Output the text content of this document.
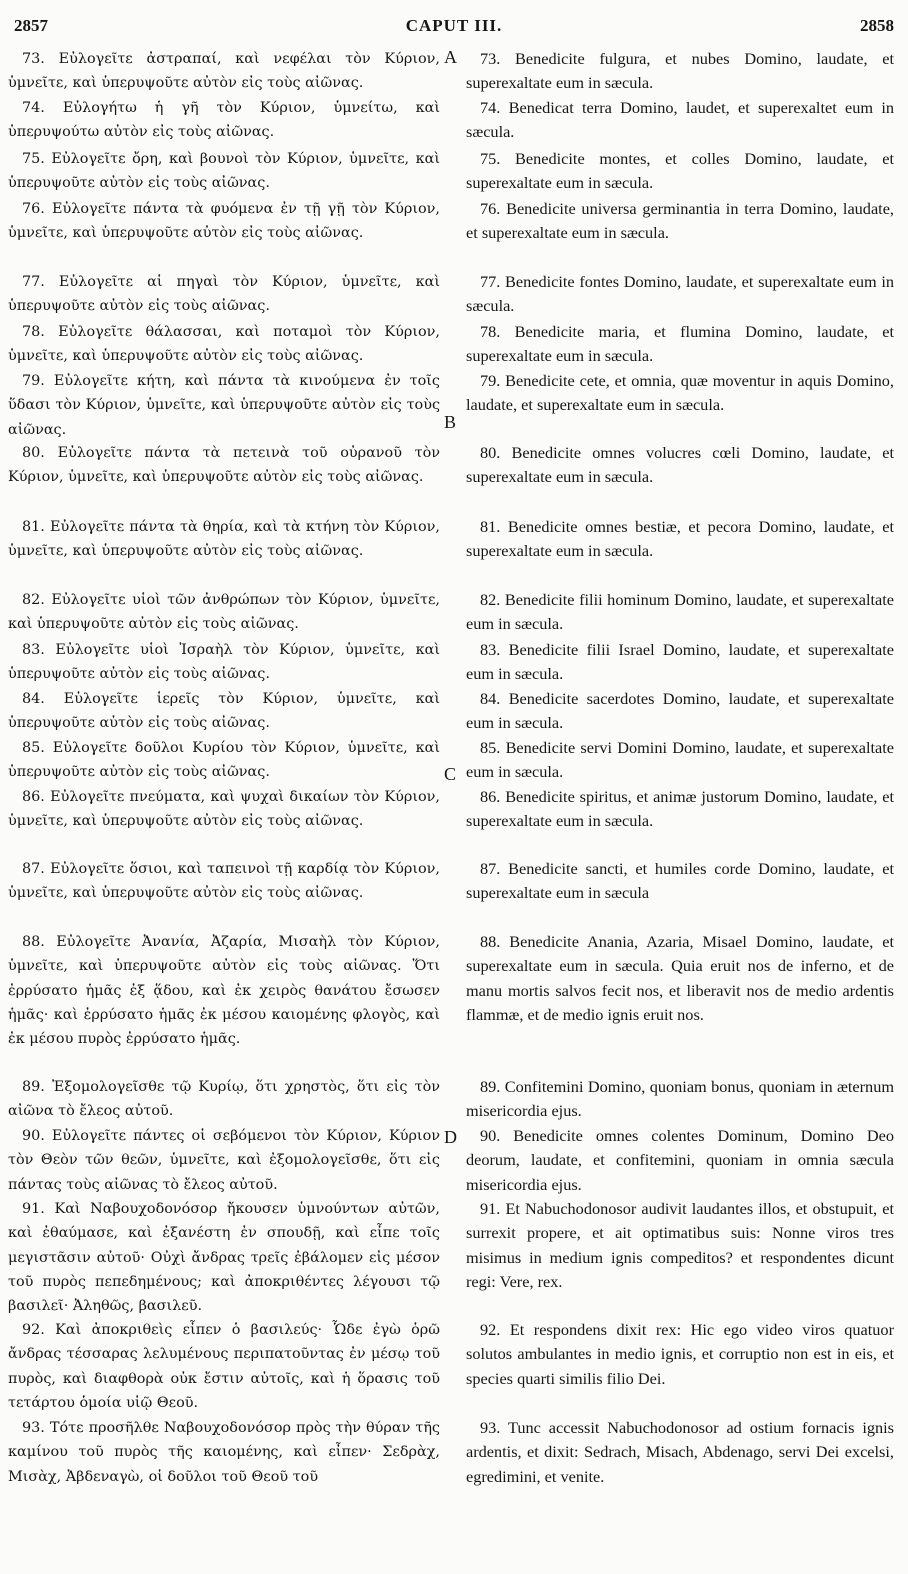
CAPUT III.
2857	2858
A
B
C
D

73. Εὐλογεῖτε ἀστραπαί, καὶ νεφέλαι τὸν Κύριον, ὑμνεῖτε, καὶ ὑπερυψοῦτε αὐτὸν εἰς τοὺς αἰῶνας.

74. Εὐλογήτω ἡ γῆ τὸν Κύριον, ὑμνείτω, καὶ ὑπερυψούτω αὐτὸν εἰς τοὺς αἰῶνας.

75. Εὐλογεῖτε ὄρη, καὶ βουνοὶ τὸν Κύριον, ὑμνεῖτε, καὶ ὑπερυψοῦτε αὐτὸν εἰς τοὺς αἰῶνας.

76. Εὐλογεῖτε πάντα τὰ φυόμενα ἐν τῇ γῇ τὸν Κύριον, ὑμνεῖτε, καὶ ὑπερυψοῦτε αὐτὸν εἰς τοὺς αἰῶνας.

77. Εὐλογεῖτε αἱ πηγαὶ τὸν Κύριον, ὑμνεῖτε, καὶ ὑπερυψοῦτε αὐτὸν εἰς τοὺς αἰῶνας.

78. Εὐλογεῖτε θάλασσαι, καὶ ποταμοὶ τὸν Κύριον, ὑμνεῖτε, καὶ ὑπερυψοῦτε αὐτὸν εἰς τοὺς αἰῶνας.

79. Εὐλογεῖτε κήτη, καὶ πάντα τὰ κινούμενα ἐν τοῖς ὕδασι τὸν Κύριον, ὑμνεῖτε, καὶ ὑπερυψοῦτε αὐτὸν εἰς τοὺς αἰῶνας.

80. Εὐλογεῖτε πάντα τὰ πετεινὰ τοῦ οὐρανοῦ τὸν Κύριον, ὑμνεῖτε, καὶ ὑπερυψοῦτε αὐτὸν εἰς τοὺς αἰῶνας.

81. Εὐλογεῖτε πάντα τὰ θηρία, καὶ τὰ κτήνη τὸν Κύριον, ὑμνεῖτε, καὶ ὑπερυψοῦτε αὐτὸν εἰς τοὺς αἰῶνας.

82. Εὐλογεῖτε υἱοὶ τῶν ἀνθρώπων τὸν Κύριον, ὑμνεῖτε, καὶ ὑπερυψοῦτε αὐτὸν εἰς τοὺς αἰῶνας.

83. Εὐλογεῖτε υἱοὶ Ἰσραὴλ τὸν Κύριον, ὑμνεῖτε, καὶ ὑπερυψοῦτε αὐτὸν εἰς τοὺς αἰῶνας.

84. Εὐλογεῖτε ἱερεῖς τὸν Κύριον, ὑμνεῖτε, καὶ ὑπερυψοῦτε αὐτὸν εἰς τοὺς αἰῶνας.

85. Εὐλογεῖτε δοῦλοι Κυρίου τὸν Κύριον, ὑμνεῖτε, καὶ ὑπερυψοῦτε αὐτὸν εἰς τοὺς αἰῶνας.

86. Εὐλογεῖτε πνεύματα, καὶ ψυχαὶ δικαίων τὸν Κύριον, ὑμνεῖτε, καὶ ὑπερυψοῦτε αὐτὸν εἰς τοὺς αἰῶνας.

87. Εὐλογεῖτε ὅσιοι, καὶ ταπεινοὶ τῇ καρδίᾳ τὸν Κύριον, ὑμνεῖτε, καὶ ὑπερυψοῦτε αὐτὸν εἰς τοὺς αἰῶνας.

88. Εὐλογεῖτε Ἀνανία, Ἀζαρία, Μισαὴλ τὸν Κύριον, ὑμνεῖτε, καὶ ὑπερυψοῦτε αὐτὸν εἰς τοὺς αἰῶνας. Ὅτι ἐρρύσατο ἡμᾶς ἐξ ᾅδου, καὶ ἐκ χειρὸς θανάτου ἔσωσεν ἡμᾶς· καὶ ἐρρύσατο ἡμᾶς ἐκ μέσου καιομένης φλογὸς, καὶ ἐκ μέσου πυρὸς ἐρρύσατο ἡμᾶς.

89. Ἐξομολογεῖσθε τῷ Κυρίῳ, ὅτι χρηστὸς, ὅτι εἰς τὸν αἰῶνα τὸ ἔλεος αὐτοῦ.

90. Εὐλογεῖτε πάντες οἱ σεβόμενοι τὸν Κύριον, Κύριον τὸν Θεὸν τῶν θεῶν, ὑμνεῖτε, καὶ ἐξομολογεῖσθε, ὅτι εἰς πάντας τοὺς αἰῶνας τὸ ἔλεος αὐτοῦ.

91. Καὶ Ναβουχοδονόσορ ἤκουσεν ὑμνούντων αὐτῶν, καὶ ἐθαύμασε, καὶ ἐξανέστη ἐν σπουδῇ, καὶ εἶπε τοῖς μεγιστᾶσιν αὐτοῦ· Οὐχὶ ἄνδρας τρεῖς ἐβάλομεν εἰς μέσον τοῦ πυρὸς πεπεδημένους; καὶ ἀποκριθέντες λέγουσι τῷ βασιλεῖ· Ἀληθῶς, βασιλεῦ.

92. Καὶ ἀποκριθεὶς εἶπεν ὁ βασιλεύς· Ὧδε ἐγὼ ὁρῶ ἄνδρας τέσσαρας λελυμένους περιπατοῦντας ἐν μέσῳ τοῦ πυρὸς, καὶ διαφθορὰ οὐκ ἔστιν αὐτοῖς, καὶ ἡ ὅρασις τοῦ τετάρτου ὁμοία υἱῷ Θεοῦ.

93. Τότε προσῆλθε Ναβουχοδονόσορ πρὸς τὴν θύραν τῆς καμίνου τοῦ πυρὸς τῆς καιομένης, καὶ εἶπεν· Σεδρὰχ, Μισὰχ, Ἀβδεναγὼ, οἱ δοῦλοι τοῦ Θεοῦ τοῦ

73. Benedicite fulgura, et nubes Domino, laudate, et superexaltate eum in sæcula.

74. Benedicat terra Domino, laudet, et superexaltet eum in sæcula.

75. Benedicite montes, et colles Domino, laudate, et superexaltate eum in sæcula.

76. Benedicite universa germinantia in terra Domino, laudate, et superexaltate eum in sæcula.

77. Benedicite fontes Domino, laudate, et superexaltate eum in sæcula.

78. Benedicite maria, et flumina Domino, laudate, et superexaltate eum in sæcula.

79. Benedicite cete, et omnia, quæ moventur in aquis Domino, laudate, et superexaltate eum in sæcula.

80. Benedicite omnes volucres cœli Domino, laudate, et superexaltate eum in sæcula.

81. Benedicite omnes bestiæ, et pecora Domino, laudate, et superexaltate eum in sæcula.

82. Benedicite filii hominum Domino, laudate, et superexaltate eum in sæcula.

83. Benedicite filii Israel Domino, laudate, et superexaltate eum in sæcula.

84. Benedicite sacerdotes Domino, laudate, et superexaltate eum in sæcula.

85. Benedicite servi Domini Domino, laudate, et superexaltate eum in sæcula.

86. Benedicite spiritus, et animæ justorum Domino, laudate, et superexaltate eum in sæcula.

87. Benedicite sancti, et humiles corde Domino, laudate, et superexaltate eum in sæcula

88. Benedicite Anania, Azaria, Misael Domino, laudate, et superexaltate eum in sæcula. Quia eruit nos de inferno, et de manu mortis salvos fecit nos, et liberavit nos de medio ardentis flammæ, et de medio ignis eruit nos.

89. Confitemini Domino, quoniam bonus, quoniam in æternum misericordia ejus.

90. Benedicite omnes colentes Dominum, Domino Deo deorum, laudate, et confitemini, quoniam in omnia sæcula misericordia ejus.

91. Et Nabuchodonosor audivit laudantes illos, et obstupuit, et surrexit propere, et ait optimatibus suis: Nonne viros tres misimus in medium ignis compeditos? et respondentes dicunt regi: Vere, rex.

92. Et respondens dixit rex: Hic ego video viros quatuor solutos ambulantes in medio ignis, et corruptio non est in eis, et species quarti similis filio Dei.

93. Tunc accessit Nabuchodonosor ad ostium fornacis ignis ardentis, et dixit: Sedrach, Misach, Abdenago, servi Dei excelsi, egredimini, et venite.
